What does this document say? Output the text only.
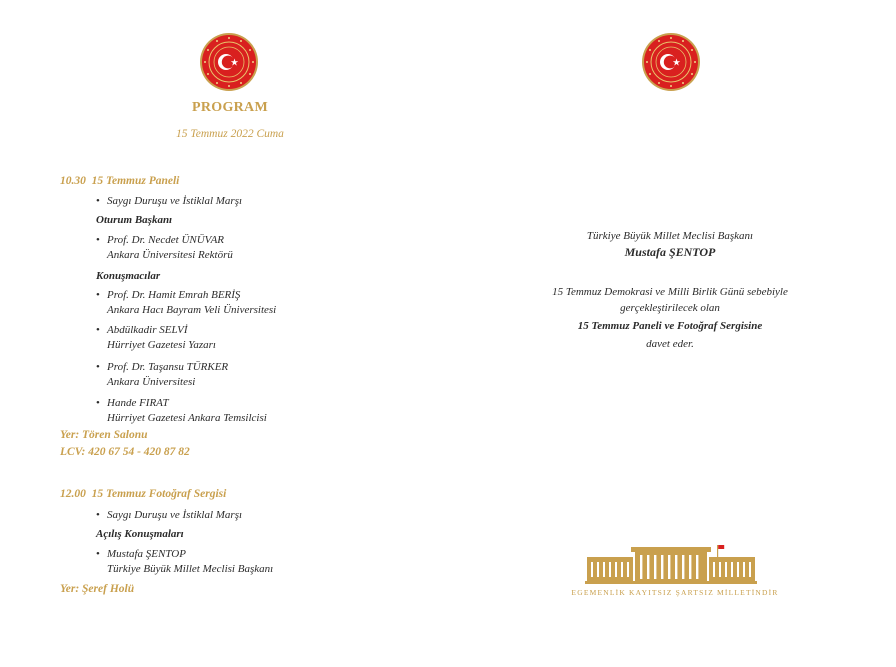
PROGRAM
15 Temmuz 2022 Cuma
10.30 15 Temmuz Paneli
• Saygı Duruşu ve İstiklal Marşı
Oturum Başkanı
• Prof. Dr. Necdet ÜNÜVAR
Ankara Üniversitesi Rektörü
Konuşmacılar
• Prof. Dr. Hamit Emrah BERİŞ
Ankara Hacı Bayram Veli Üniversitesi
• Abdülkadir SELVİ
Hürriyet Gazetesi Yazarı
• Prof. Dr. Taşansu TÜRKER
Ankara Üniversitesi
• Hande FIRAT
Hürriyet Gazetesi Ankara Temsilcisi
Yer: Tören Salonu
LCV: 420 67 54 - 420 87 82
12.00 15 Temmuz Fotoğraf Sergisi
• Saygı Duruşu ve İstiklal Marşı
Açılış Konuşmaları
• Mustafa ŞENTOP
Türkiye Büyük Millet Meclisi Başkanı
Yer: Şeref Holü
Türkiye Büyük Millet Meclisi Başkanı
Mustafa ŞENTOP
15 Temmuz Demokrasi ve Milli Birlik Günü sebebiyle
gerçekleştirilecek olan
15 Temmuz Paneli ve Fotoğraf Sergisine
davet eder.
EGEMENLİK KAYITSIZ ŞARTSIZ MİLLETİNDİR
